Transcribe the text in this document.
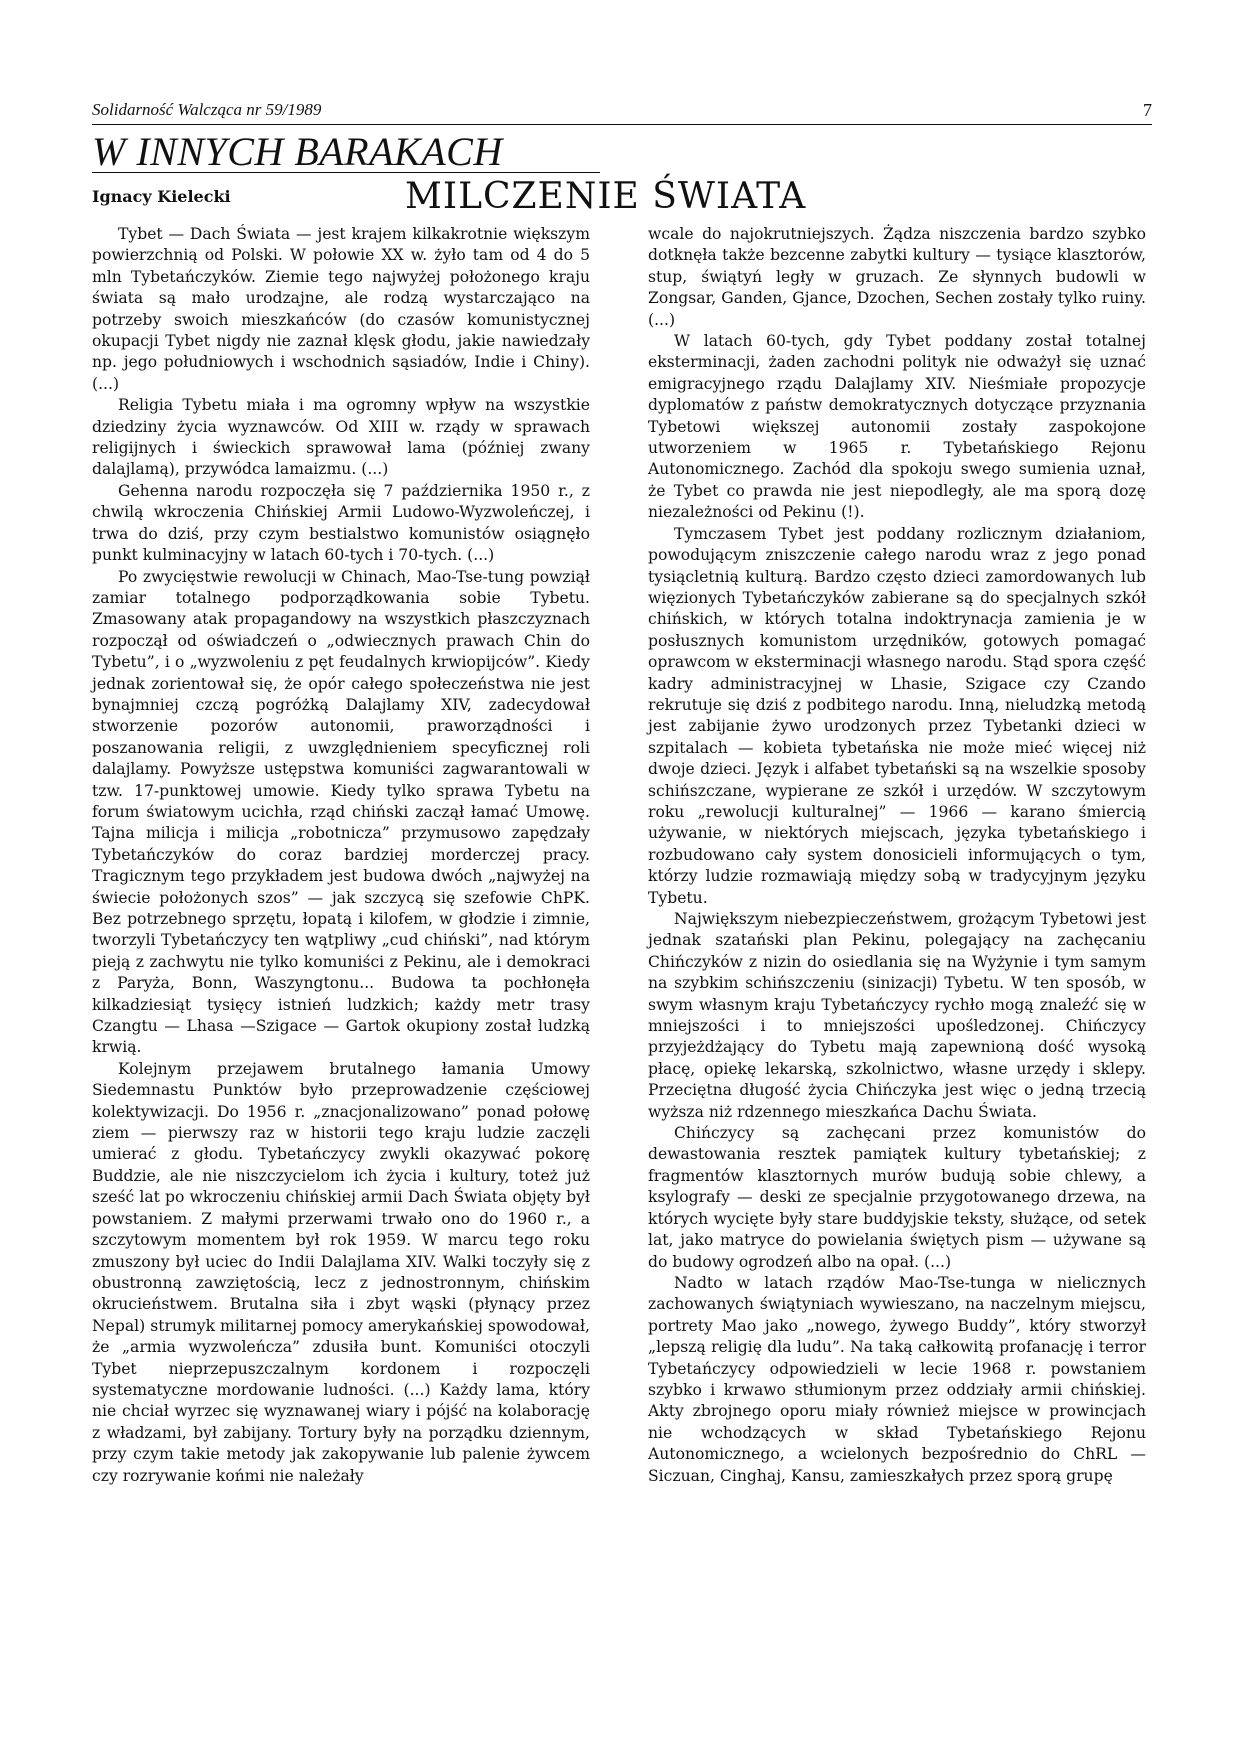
Solidarność Walcząca nr 59/1989	7
W INNYCH BARAKACH
Ignacy Kielecki	MILCZENIE ŚWIATA

Tybet — Dach Świata — jest krajem kilkakrotnie większym powierzchnią od Polski. W połowie XX w. żyło tam od 4 do 5 mln Tybetańczyków. Ziemie tego najwyżej położonego kraju świata są mało urodzajne, ale rodzą wystarczająco na potrzeby swoich mieszkańców (do czasów komunistycznej okupacji Tybet nigdy nie zaznał klęsk głodu, jakie nawiedzały np. jego południowych i wschodnich sąsiadów, Indie i Chiny). (...)

Religia Tybetu miała i ma ogromny wpływ na wszystkie dziedziny życia wyznawców. Od XIII w. rządy w sprawach religijnych i świeckich sprawował lama (później zwany dalajlamą), przywódca lamaizmu. (...)

Gehenna narodu rozpoczęła się 7 października 1950 r., z chwilą wkroczenia Chińskiej Armii Ludowo-Wyzwoleńczej, i trwa do dziś, przy czym bestialstwo komunistów osiągnęło punkt kulminacyjny w latach 60-tych i 70-tych. (...)

Po zwycięstwie rewolucji w Chinach, Mao-Tse-tung powziął zamiar totalnego podporządkowania sobie Tybetu. Zmasowany atak propagandowy na wszystkich płaszczyznach rozpoczął od oświadczeń o „odwiecznych prawach Chin do Tybetu”, i o „wyzwoleniu z pęt feudalnych krwiopijców”. Kiedy jednak zorientował się, że opór całego społeczeństwa nie jest bynajmniej czczą pogróżką Dalajlamy XIV, zadecydował stworzenie pozorów autonomii, praworządności i poszanowania religii, z uwzględnieniem specyficznej roli dalajlamy. Powyższe ustępstwa komuniści zagwarantowali w tzw. 17-punktowej umowie. Kiedy tylko sprawa Tybetu na forum światowym ucichła, rząd chiński zaczął łamać Umowę. Tajna milicja i milicja „robotnicza” przymusowo zapędzały Tybetańczyków do coraz bardziej morderczej pracy. Tragicznym tego przykładem jest budowa dwóch „najwyżej na świecie położonych szos” — jak szczycą się szefowie ChPK. Bez potrzebnego sprzętu, łopatą i kilofem, w głodzie i zimnie, tworzyli Tybetańczycy ten wątpliwy „cud chiński”, nad którym pieją z zachwytu nie tylko komuniści z Pekinu, ale i demokraci z Paryża, Bonn, Waszyngtonu... Budowa ta pochłonęła kilkadziesiąt tysięcy istnień ludzkich; każdy metr trasy Czangtu — Lhasa —Szigace — Gartok okupiony został ludzką krwią.

Kolejnym przejawem brutalnego łamania Umowy Siedemnastu Punktów było przeprowadzenie częściowej kolektywizacji. Do 1956 r. „znacjonalizowano” ponad połowę ziem — pierwszy raz w historii tego kraju ludzie zaczęli umierać z głodu. Tybetańczycy zwykli okazywać pokorę Buddzie, ale nie niszczycielom ich życia i kultury, toteż już sześć lat po wkroczeniu chińskiej armii Dach Świata objęty był powstaniem. Z małymi przerwami trwało ono do 1960 r., a szczytowym momentem był rok 1959. W marcu tego roku zmuszony był uciec do Indii Dalajlama XIV. Walki toczyły się z obustronną zawziętością, lecz z jednostronnym, chińskim okrucieństwem. Brutalna siła i zbyt wąski (płynący przez Nepal) strumyk militarnej pomocy amerykańskiej spowodował, że „armia wyzwoleńcza” zdusiła bunt. Komuniści otoczyli Tybet nieprzepuszczalnym kordonem i rozpoczęli systematyczne mordowanie ludności. (...) Każdy lama, który nie chciał wyrzec się wyznawanej wiary i pójść na kolaborację z władzami, był zabijany. Tortury były na porządku dziennym, przy czym takie metody jak zakopywanie lub palenie żywcem czy rozrywanie końmi nie należały

wcale do najokrutniejszych. Żądza niszczenia bardzo szybko dotknęła także bezcenne zabytki kultury — tysiące klasztorów, stup, świątyń legły w gruzach. Ze słynnych budowli w Zongsar, Ganden, Gjance, Dzochen, Sechen zostały tylko ruiny. (...)

W latach 60-tych, gdy Tybet poddany został totalnej eksterminacji, żaden zachodni polityk nie odważył się uznać emigracyjnego rządu Dalajlamy XIV. Nieśmiałe propozycje dyplomatów z państw demokratycznych dotyczące przyznania Tybetowi większej autonomii zostały zaspokojone utworzeniem w 1965 r. Tybetańskiego Rejonu Autonomicznego. Zachód dla spokoju swego sumienia uznał, że Tybet co prawda nie jest niepodległy, ale ma sporą dozę niezależności od Pekinu (!).

Tymczasem Tybet jest poddany rozlicznym działaniom, powodującym zniszczenie całego narodu wraz z jego ponad tysiącletnią kulturą. Bardzo często dzieci zamordowanych lub więzionych Tybetańczyków zabierane są do specjalnych szkół chińskich, w których totalna indoktrynacja zamienia je w posłusznych komunistom urzędników, gotowych pomagać oprawcom w eksterminacji własnego narodu. Stąd spora część kadry administracyjnej w Lhasie, Szigace czy Czando rekrutuje się dziś z podbitego narodu. Inną, nieludzką metodą jest zabijanie żywo urodzonych przez Tybetanki dzieci w szpitalach — kobieta tybetańska nie może mieć więcej niż dwoje dzieci. Język i alfabet tybetański są na wszelkie sposoby schińszczane, wypierane ze szkół i urzędów. W szczytowym roku „rewolucji kulturalnej” — 1966 — karano śmiercią używanie, w niektórych miejscach, języka tybetańskiego i rozbudowano cały system donosicieli informujących o tym, którzy ludzie rozmawiają między sobą w tradycyjnym języku Tybetu.

Największym niebezpieczeństwem, grożącym Tybetowi jest jednak szatański plan Pekinu, polegający na zachęcaniu Chińczyków z nizin do osiedlania się na Wyżynie i tym samym na szybkim schińszczeniu (sinizacji) Tybetu. W ten sposób, w swym własnym kraju Tybetańczycy rychło mogą znaleźć się w mniejszości i to mniejszości upośledzonej. Chińczycy przyjeżdżający do Tybetu mają zapewnioną dość wysoką płacę, opiekę lekarską, szkolnictwo, własne urzędy i sklepy. Przeciętna długość życia Chińczyka jest więc o jedną trzecią wyższa niż rdzennego mieszkańca Dachu Świata.

Chińczycy są zachęcani przez komunistów do dewastowania resztek pamiątek kultury tybetańskiej; z fragmentów klasztornych murów budują sobie chlewy, a ksylografy — deski ze specjalnie przygotowanego drzewa, na których wycięte były stare buddyjskie teksty, służące, od setek lat, jako matryce do powielania świętych pism — używane są do budowy ogrodzeń albo na opał. (...)

Nadto w latach rządów Mao-Tse-tunga w nielicznych zachowanych świątyniach wywieszano, na naczelnym miejscu, portrety Mao jako „nowego, żywego Buddy”, który stworzył „lepszą religię dla ludu”. Na taką całkowitą profanację i terror Tybetańczycy odpowiedzieli w lecie 1968 r. powstaniem szybko i krwawo stłumionym przez oddziały armii chińskiej. Akty zbrojnego oporu miały również miejsce w prowincjach nie wchodzących w skład Tybetańskiego Rejonu Autonomicznego, a wcielonych bezpośrednio do ChRL — Siczuan, Cinghaj, Kansu, zamieszkałych przez sporą grupę
